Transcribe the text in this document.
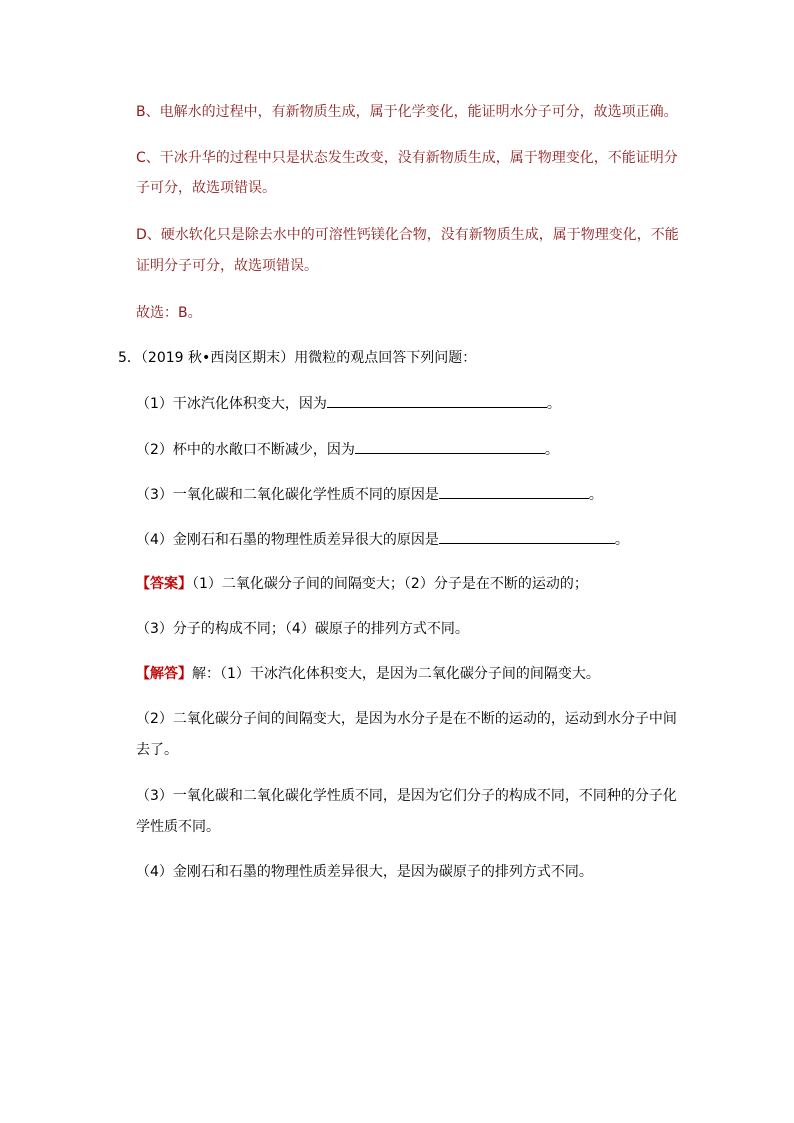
B、电解水的过程中，有新物质生成，属于化学变化，能证明水分子可分，故选项正确。
C、干冰升华的过程中只是状态发生改变，没有新物质生成，属于物理变化，不能证明分
子可分，故选项错误。
D、硬水软化只是除去水中的可溶性钙镁化合物，没有新物质生成，属于物理变化，不能
证明分子可分，故选项错误。
故选：B。
5．（2019 秋•西岗区期末）用微粒的观点回答下列问题：
（1）干冰汽化体积变大，因为	。
（2）杯中的水敞口不断减少，因为	。
（3）一氧化碳和二氧化碳化学性质不同的原因是	。
（4）金刚石和石墨的物理性质差异很大的原因是	。
【答案】（1）二氧化碳分子间的间隔变大；（2）分子是在不断的运动的；
（3）分子的构成不同；（4）碳原子的排列方式不同。
【解答】解：（1）干冰汽化体积变大，是因为二氧化碳分子间的间隔变大。
（2）二氧化碳分子间的间隔变大，是因为水分子是在不断的运动的，运动到水分子中间
去了。
（3）一氧化碳和二氧化碳化学性质不同，是因为它们分子的构成不同，不同种的分子化
学性质不同。
（4）金刚石和石墨的物理性质差异很大，是因为碳原子的排列方式不同。
